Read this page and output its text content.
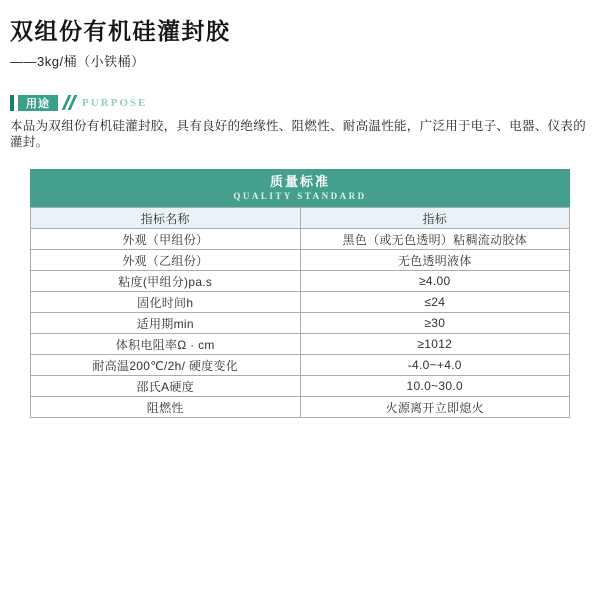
双组份有机硅灌封胶
——3kg/桶（小铁桶）
用途	PURPOSE

本品为双组份有机硅灌封胶，具有良好的绝缘性、阻燃性、耐高温性能，广泛用于电子、电器、仪表的灌封。

质量标准
QUALITY STANDARD
指标名称	指标
外观（甲组份）	黑色（或无色透明）粘稠流动胶体
外观（乙组份）	无色透明液体
粘度(甲组分)pa.s	≥4.00
固化时间h	≤24
适用期min	≥30
体积电阻率Ω · cm	≥1012
耐高温200℃/2h/ 硬度变化	-4.0~+4.0
邵氏A硬度	10.0~30.0
阻燃性	火源离开立即熄火
